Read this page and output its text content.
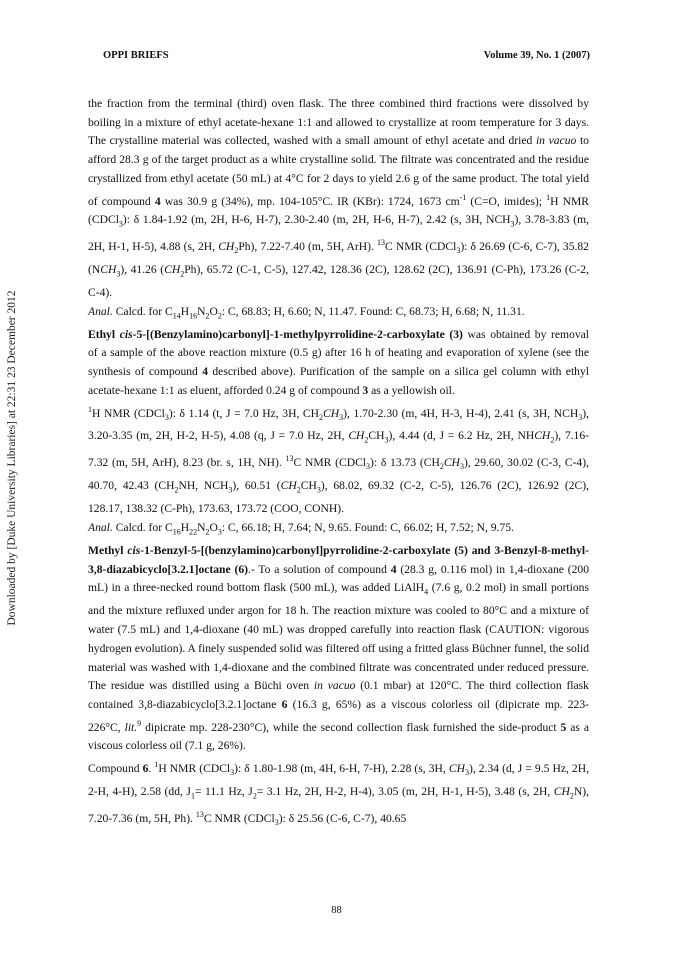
OPPI BRIEFS	Volume 39, No. 1 (2007)
Downloaded by [Duke University Libraries] at 22:31 23 December 2012

the fraction from the terminal (third) oven flask. The three combined third fractions were dissolved by boiling in a mixture of ethyl acetate-hexane 1:1 and allowed to crystallize at room temperature for 3 days. The crystalline material was collected, washed with a small amount of ethyl acetate and dried in vacuo to afford 28.3 g of the target product as a white crystalline solid. The filtrate was concentrated and the residue crystallized from ethyl acetate (50 mL) at 4°C for 2 days to yield 2.6 g of the same product. The total yield of compound 4 was 30.9 g (34%), mp. 104-105°C. IR (KBr): 1724, 1673 $cm^{-1}$ (C=O, imides); $^1$H NMR (CDCl$_3$): δ 1.84-1.92 (m, 2H, H-6, H-7), 2.30-2.40 (m, 2H, H-6, H-7), 2.42 (s, 3H, $NCH_3$), 3.78-3.83 (m, 2H, H-1, H-5), 4.88 (s, 2H, $CH_2Ph$), 7.22-7.40 (m, 5H, ArH). $^{13}$C NMR (CDCl$_3$): δ 26.69 (C-6, C-7), 35.82 $(NCH_3)$, 41.26 $(CH_2Ph)$, 65.72 (C-1, C-5), 127.42, 128.36 (2C), 128.62 (2C), 136.91 (C-Ph), 173.26 (C-2, C-4).

Anal. Calcd. for $C_{14}H_{16}N_2O_2$: C, 68.83; H, 6.60; N, 11.47. Found: C, 68.73; H, 6.68; N, 11.31.

Ethyl cis-5-[(Benzylamino)carbonyl]-1-methylpyrrolidine-2-carboxylate (3) was obtained by removal of a sample of the above reaction mixture (0.5 g) after 16 h of heating and evaporation of xylene (see the synthesis of compound 4 described above). Purification of the sample on a silica gel column with ethyl acetate-hexane 1:1 as eluent, afforded 0.24 g of compound 3 as a yellowish oil.

$^1$H NMR (CDCl$_3$): δ 1.14 (t, J = 7.0 Hz, 3H, $CH_2CH_3$), 1.70-2.30 (m, 4H, H-3, H-4), 2.41 (s, 3H, $NCH_3$), 3.20-3.35 (m, 2H, H-2, H-5), 4.08 (q, J = 7.0 Hz, 2H, $CH_2CH_3$), 4.44 (d, J = 6.2 Hz, 2H, $NHCH_2$), 7.16-7.32 (m, 5H, ArH), 8.23 (br. s, 1H, NH). $^{13}$C NMR (CDCl$_3$): δ 13.73 $(CH_2CH_3)$, 29.60, 30.02 (C-3, C-4), 40.70, 42.43 ($CH_2NH$, $NCH_3$), 60.51 $(CH_2CH_3)$, 68.02, 69.32 (C-2, C-5), 126.76 (2C), 126.92 (2C), 128.17, 138.32 (C-Ph), 173.63, 173.72 (COO, CONH).

Anal. Calcd. for $C_{16}H_{22}N_2O_3$: C, 66.18; H, 7.64; N, 9.65. Found: C, 66.02; H, 7.52; N, 9.75.

Methyl cis-1-Benzyl-5-[(benzylamino)carbonyl]pyrrolidine-2-carboxylate (5) and 3-Benzyl-8-methyl-3,8-diazabicyclo[3.2.1]octane (6).- To a solution of compound 4 (28.3 g, 0.116 mol) in 1,4-dioxane (200 mL) in a three-necked round bottom flask (500 mL), was added LiAlH$_4$ (7.6 g, 0.2 mol) in small portions and the mixture refluxed under argon for 18 h. The reaction mixture was cooled to 80°C and a mixture of water (7.5 mL) and 1,4-dioxane (40 mL) was dropped carefully into reaction flask (CAUTION: vigorous hydrogen evolution). A finely suspended solid was filtered off using a fritted glass Büchner funnel, the solid material was washed with 1,4-dioxane and the combined filtrate was concentrated under reduced pressure. The residue was distilled using a Büchi oven in vacuo (0.1 mbar) at 120°C. The third collection flask contained 3,8-diazabicyclo[3.2.1]octane 6 (16.3 g, 65%) as a viscous colorless oil (dipicrate mp. 223-226°C, lit.$^9$ dipicrate mp. 228-230°C), while the second collection flask furnished the side-product 5 as a viscous colorless oil (7.1 g, 26%).

Compound 6. $^1$H NMR (CDCl$_3$): δ 1.80-1.98 (m, 4H, 6-H, 7-H), 2.28 (s, 3H, $CH_3$), 2.34 (d, J = 9.5 Hz, 2H, 2-H, 4-H), 2.58 (dd, $J_1= 11.1$ Hz, $J_2= 3.1$ Hz, 2H, H-2, H-4), 3.05 (m, 2H, H-1, H-5), 3.48 (s, 2H, $CH_2N$), 7.20-7.36 (m, 5H, Ph). $^{13}$C NMR (CDCl$_3$): δ 25.56 (C-6, C-7), 40.65

88
